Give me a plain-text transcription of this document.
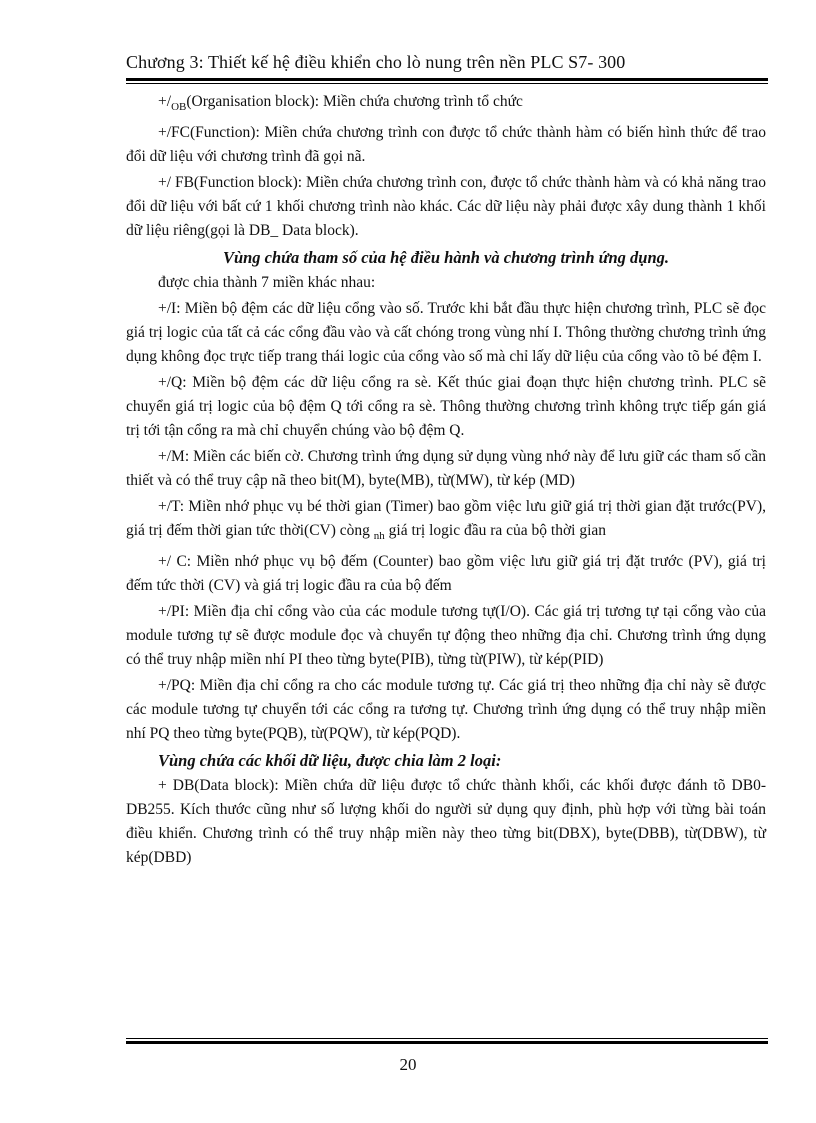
Chương 3: Thiết kế hệ điều khiển cho lò nung trên nền PLC S7- 300

$+/_{OB}(Organisation$ block): Miền chứa chương trình tổ chức

+/FC(Function): Miền chứa chương trình con được tổ chức thành hàm có biến hình thức để trao đổi dữ liệu với chương trình đã gọi nã.

+/ FB(Function block): Miền chứa chương trình con, được tổ chức thành hàm và có khả năng trao đổi dữ liệu với bất cứ 1 khối chương trình nào khác. Các dữ liệu này phải được xây dung thành 1 khối dữ liệu riêng(gọi là DB_ Data block).

Vùng chứa tham số của hệ điều hành và chương trình ứng dụng.

được chia thành 7 miền khác nhau:

+/I: Miền bộ đệm các dữ liệu cổng vào số. Trước khi bắt đầu thực hiện chương trình, PLC sẽ đọc giá trị logic của tất cả các cổng đầu vào và cất chóng trong vùng nhí I. Thông thường chương trình ứng dụng không đọc trực tiếp trang thái logic của cổng vào số mà chỉ lấy dữ liệu của cổng vào tõ bé đệm I.

+/Q: Miền bộ đệm các dữ liệu cổng ra sè. Kết thúc giai đoạn thực hiện chương trình. PLC sẽ chuyển giá trị logic của bộ đệm Q tới cổng ra sè. Thông thường chương trình không trực tiếp gán giá trị tới tận cổng ra mà chỉ chuyển chúng vào bộ đệm Q.

+/M: Miền các biến cờ. Chương trình ứng dụng sử dụng vùng nhớ này để lưu giữ các tham số cần thiết và có thể truy cập nã theo bit(M), byte(MB), từ(MW), từ kép (MD)

+/T: Miền nhớ phục vụ bé thời gian (Timer) bao gồm việc lưu giữ giá trị thời gian đặt trước(PV), giá trị đếm thời gian tức thời(CV) còng $_{nh}$ giá trị logic đầu ra của bộ thời gian

+/ C: Miền nhớ phục vụ bộ đếm (Counter) bao gồm việc lưu giữ giá trị đặt trước (PV), giá trị đếm tức thời (CV) và giá trị logic đầu ra của bộ đếm

+/PI: Miền địa chỉ cổng vào của các module tương tự(I/O). Các giá trị tương tự tại cổng vào của module tương tự sẽ được module đọc và chuyển tự động theo những địa chỉ. Chương trình ứng dụng có thể truy nhập miền nhí PI theo từng byte(PIB), từng từ(PIW), từ kép(PID)

+/PQ: Miền địa chỉ cổng ra cho các module tương tự. Các giá trị theo những địa chỉ này sẽ được các module tương tự chuyển tới các cổng ra tương tự. Chương trình ứng dụng có thể truy nhập miền nhí PQ theo từng byte(PQB), từ(PQW), từ kép(PQD).

Vùng chứa các khối dữ liệu, được chia làm 2 loại:

+ DB(Data block): Miền chứa dữ liệu được tổ chức thành khối, các khối được đánh tõ DB0- DB255. Kích thước cũng như số lượng khối do người sử dụng quy định, phù hợp với từng bài toán điều khiển. Chương trình có thể truy nhập miền này theo từng bit(DBX), byte(DBB), từ(DBW), từ kép(DBD)

20
